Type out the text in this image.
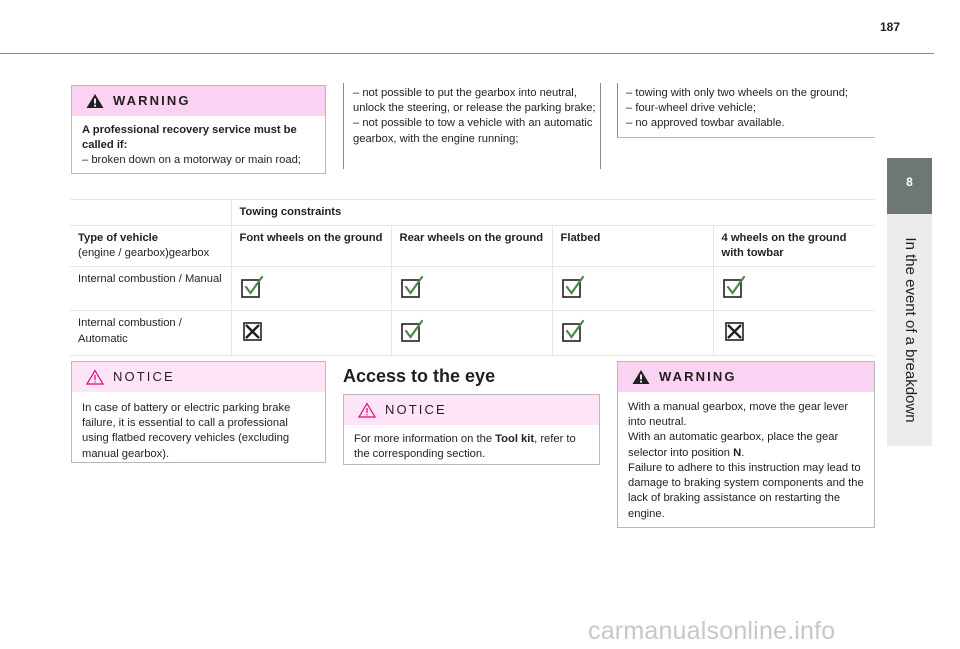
187
8
In the event of a breakdown
WARNING

A professional recovery service must be called if:

– broken down on a motorway or main road;

– not possible to put the gearbox into neutral, unlock the steering, or release the parking brake;

– not possible to tow a vehicle with an automatic gearbox, with the engine running;

– towing with only two wheels on the ground;

– four-wheel drive vehicle;

– no approved towbar available.

	Towing constraints			

Type of vehicle
(engine / gearbox)gearbox	Font wheels on the ground	Rear wheels on the ground	Flatbed	4 wheels on the ground with towbar
Internal combustion / Manual				
Internal combustion / Automatic				
NOTICE

In case of battery or electric parking brake failure, it is essential to call a professional using flatbed recovery vehicles (excluding manual gearbox).

Access to the eye
NOTICE

For more information on the Tool kit, refer to the corresponding section.

WARNING

With a manual gearbox, move the gear lever into neutral.

With an automatic gearbox, place the gear selector into position N.

Failure to adhere to this instruction may lead to damage to braking system components and the lack of braking assistance on restarting the engine.

carmanualsonline.info
